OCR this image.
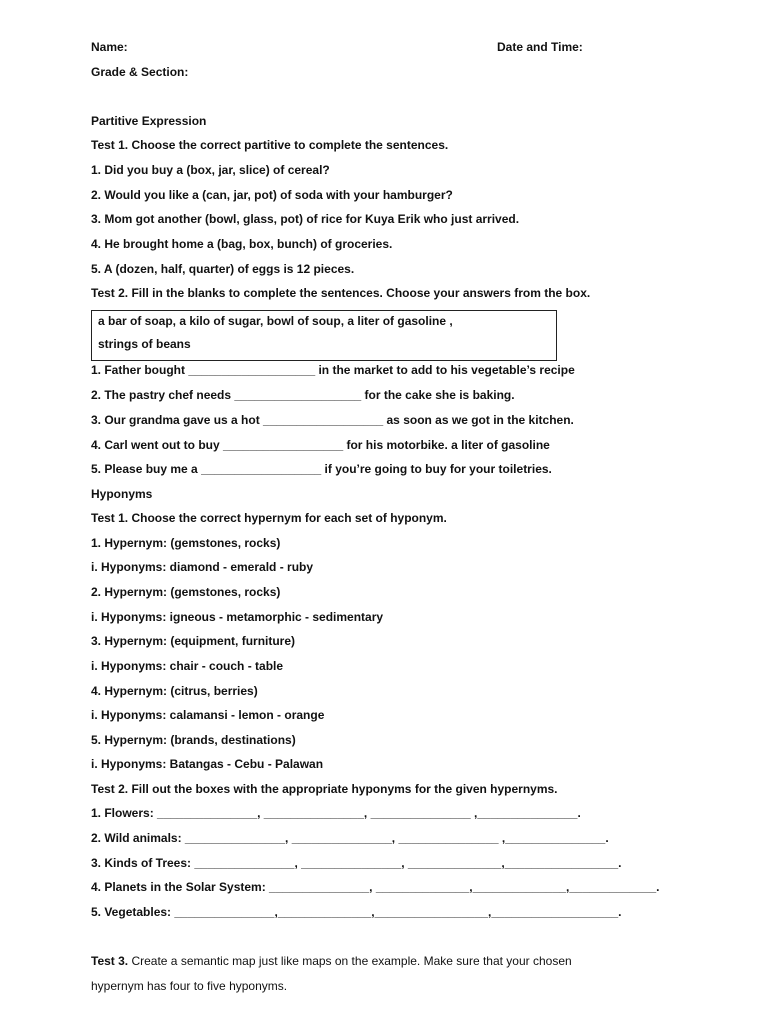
Name:	Date and Time:
Grade & Section:
Partitive Expression
Test 1. Choose the correct partitive to complete the sentences.
1. Did you buy a (box, jar, slice) of cereal?
2. Would you like a (can, jar, pot) of soda with your hamburger?
3. Mom got another (bowl, glass, pot) of rice for Kuya Erik who just arrived.
4. He brought home a (bag, box, bunch) of groceries.
5. A (dozen, half, quarter) of eggs is 12 pieces.
Test 2. Fill in the blanks to complete the sentences. Choose your answers from the box.
a bar of soap, a kilo of sugar, bowl of soup, a liter of gasoline ,
strings of beans
1. Father bought ___________________ in the market to add to his vegetable’s recipe
2. The pastry chef needs ___________________ for the cake she is baking.
3. Our grandma gave us a hot __________________ as soon as we got in the kitchen.
4. Carl went out to buy __________________ for his motorbike. a liter of gasoline
5. Please buy me a __________________ if you’re going to buy for your toiletries.
Hyponyms
Test 1. Choose the correct hypernym for each set of hyponym.
1. Hypernym: (gemstones, rocks)
i. Hyponyms: diamond - emerald - ruby
2. Hypernym: (gemstones, rocks)
i. Hyponyms: igneous - metamorphic - sedimentary
3. Hypernym: (equipment, furniture)
i. Hyponyms: chair - couch - table
4. Hypernym: (citrus, berries)
i. Hyponyms: calamansi - lemon - orange
5. Hypernym: (brands, destinations)
i. Hyponyms: Batangas - Cebu - Palawan
Test 2. Fill out the boxes with the appropriate hyponyms for the given hypernyms.
1. Flowers: _______________, _______________, _______________ ,_______________.
2. Wild animals: _______________, _______________, _______________ ,_______________.
3. Kinds of Trees: _______________, _______________, ______________,_________________.
4. Planets in the Solar System: _______________, ______________,______________,_____________.
5. Vegetables: _______________,______________,_________________,___________________.
Test 3. Create a semantic map just like maps on the example. Make sure that your chosen
hypernym has four to five hyponyms.
